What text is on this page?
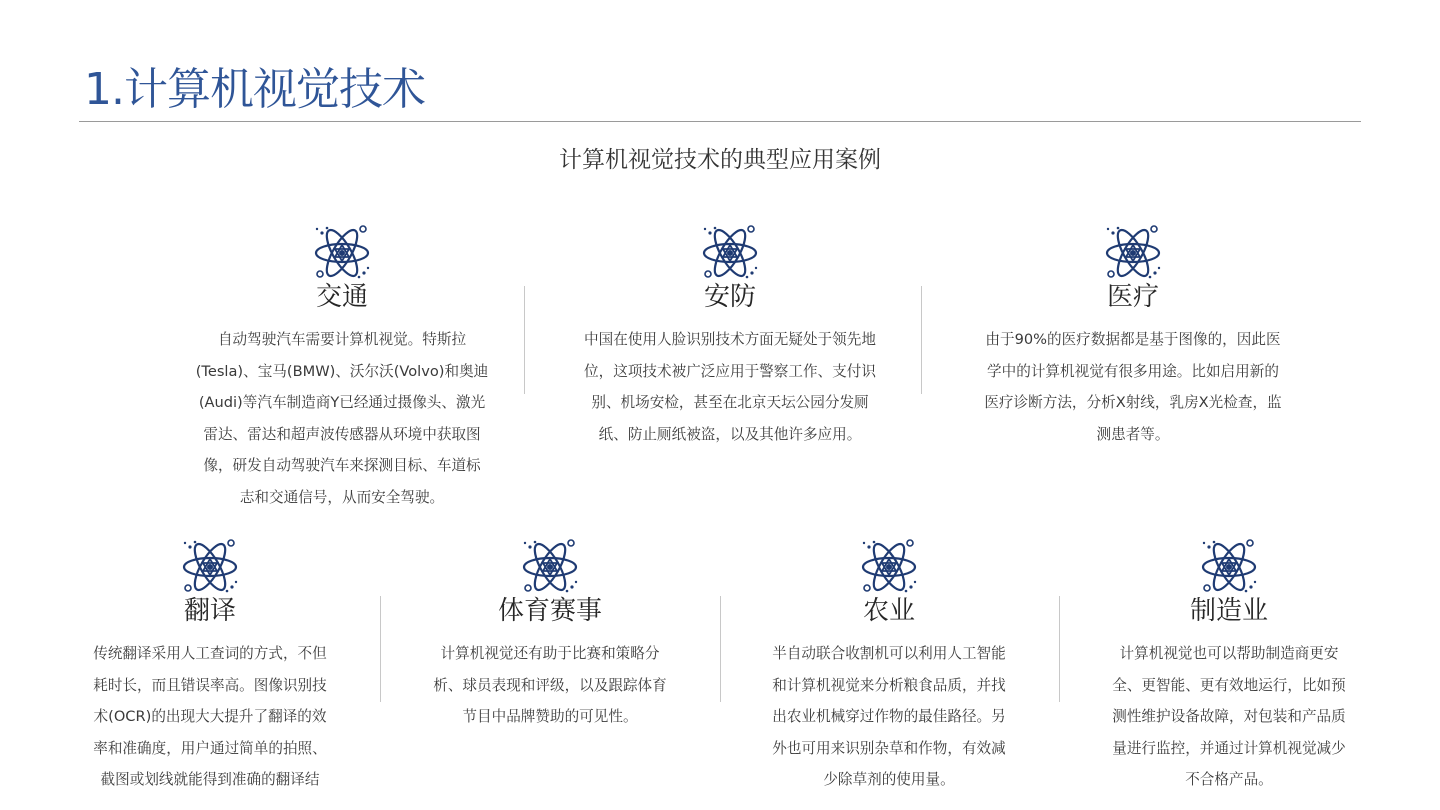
1.计算机视觉技术
计算机视觉技术的典型应用案例
交通
自动驾驶汽车需要计算机视觉。特斯拉
(Tesla)、宝马(BMW)、沃尔沃(Volvo)和奥迪
(Audi)等汽车制造商Y已经通过摄像头、激光
雷达、雷达和超声波传感器从环境中获取图
像，研发自动驾驶汽车来探测目标、车道标
志和交通信号，从而安全驾驶。
安防
中国在使用人脸识别技术方面无疑处于领先地
位，这项技术被广泛应用于警察工作、支付识
别、机场安检，甚至在北京天坛公园分发厕
纸、防止厕纸被盗，以及其他许多应用。
医疗
由于90%的医疗数据都是基于图像的，因此医
学中的计算机视觉有很多用途。比如启用新的
医疗诊断方法，分析X射线，乳房X光检查，监
测患者等。
翻译
传统翻译采用人工查词的方式，不但
耗时长，而且错误率高。图像识别技
术(OCR)的出现大大提升了翻译的效
率和准确度，用户通过简单的拍照、
截图或划线就能得到准确的翻译结
体育赛事
计算机视觉还有助于比赛和策略分
析、球员表现和评级，以及跟踪体育
节目中品牌赞助的可见性。
农业
半自动联合收割机可以利用人工智能
和计算机视觉来分析粮食品质，并找
出农业机械穿过作物的最佳路径。另
外也可用来识别杂草和作物，有效减
少除草剂的使用量。
制造业
计算机视觉也可以帮助制造商更安
全、更智能、更有效地运行，比如预
测性维护设备故障，对包装和产品质
量进行监控，并通过计算机视觉减少
不合格产品。
